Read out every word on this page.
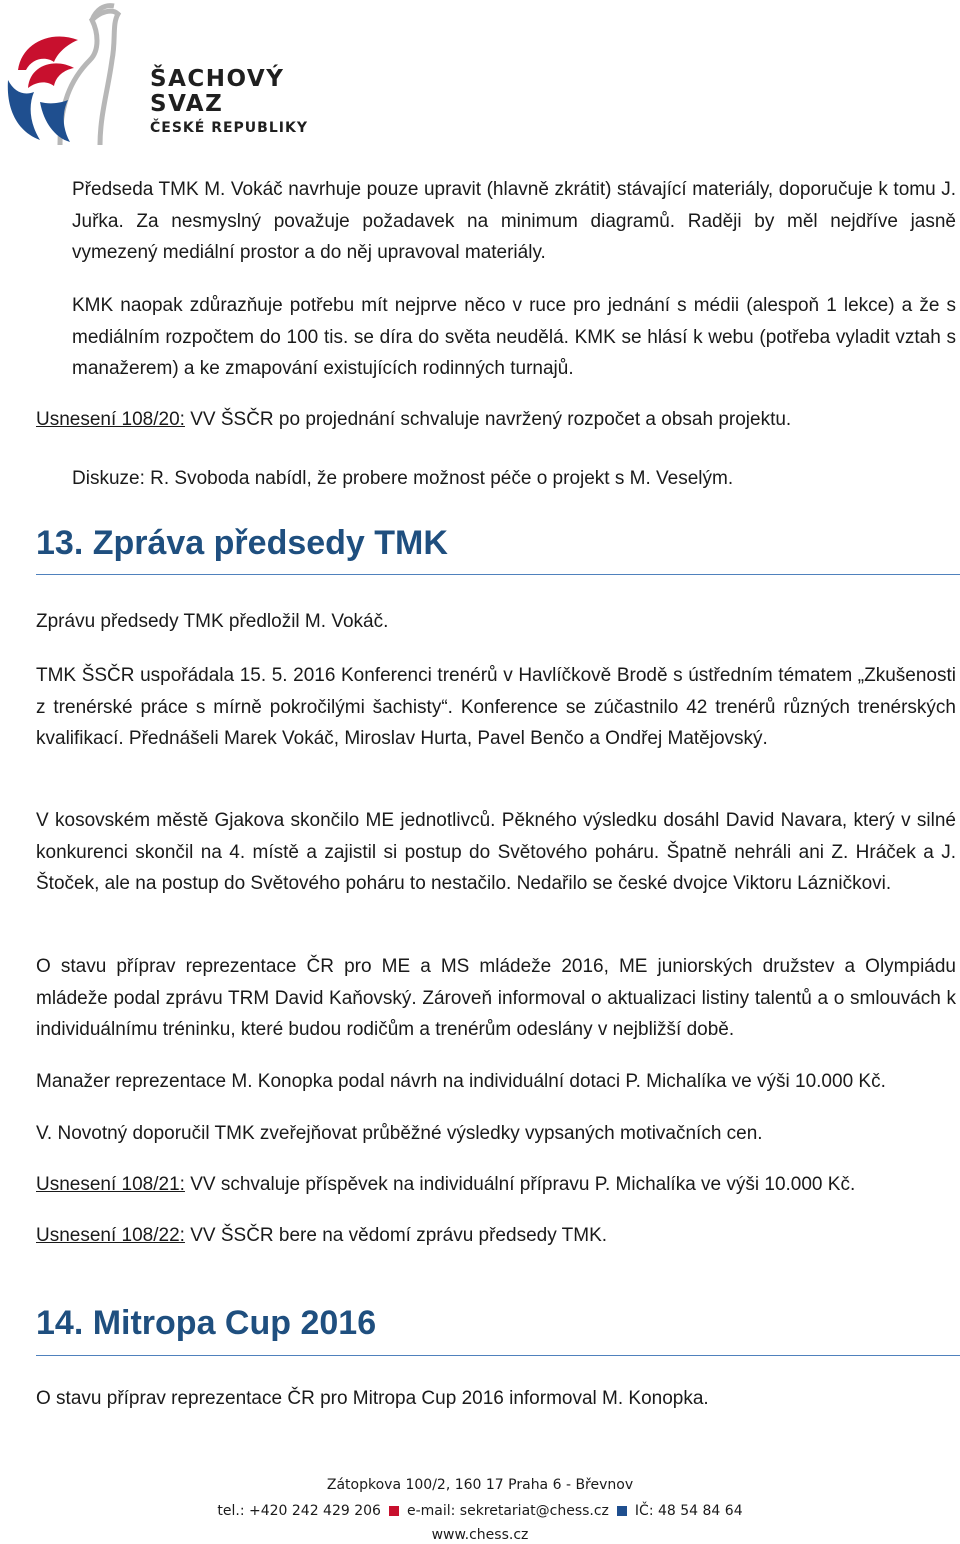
ŠACHOVÝ
SVAZ
ČESKÉ REPUBLIKY

Předseda TMK M. Vokáč navrhuje pouze upravit (hlavně zkrátit) stávající materiály, doporučuje k tomu J. Juřka. Za nesmyslný považuje požadavek na minimum diagramů. Raději by měl nejdříve jasně vymezený mediální prostor a do něj upravoval materiály.

KMK naopak zdůrazňuje potřebu mít nejprve něco v ruce pro jednání s médii (alespoň 1 lekce) a že s mediálním rozpočtem do 100 tis. se díra do světa neudělá. KMK se hlásí k webu (potřeba vyladit vztah s manažerem) a ke zmapování existujících rodinných turnajů.

Usnesení 108/20: VV ŠSČR po projednání schvaluje navržený rozpočet a obsah projektu.

Diskuze: R. Svoboda nabídl, že probere možnost péče o projekt s M. Veselým.

13. Zpráva předsedy TMK

Zprávu předsedy TMK předložil M. Vokáč.

TMK ŠSČR uspořádala 15. 5. 2016 Konferenci trenérů v Havlíčkově Brodě s ústředním tématem „Zkušenosti z trenérské práce s mírně pokročilými šachisty“. Konference se zúčastnilo 42 trenérů různých trenérských kvalifikací. Přednášeli Marek Vokáč, Miroslav Hurta, Pavel Benčo a Ondřej Matějovský.

V kosovském městě Gjakova skončilo ME jednotlivců. Pěkného výsledku dosáhl David Navara, který v silné konkurenci skončil na 4. místě a zajistil si postup do Světového poháru. Špatně nehráli ani Z. Hráček a J. Štoček, ale na postup do Světového poháru to nestačilo. Nedařilo se české dvojce Viktoru Lázničkovi.

O stavu příprav reprezentace ČR pro ME a MS mládeže 2016, ME juniorských družstev a Olympiádu mládeže podal zprávu TRM David Kaňovský. Zároveň informoval o aktualizaci listiny talentů a o smlouvách k individuálnímu tréninku, které budou rodičům a trenérům odeslány v nejbližší době.

Manažer reprezentace M. Konopka podal návrh na individuální dotaci P. Michalíka ve výši 10.000 Kč.

V. Novotný doporučil TMK zveřejňovat průběžné výsledky vypsaných motivačních cen.

Usnesení 108/21: VV schvaluje příspěvek na individuální přípravu P. Michalíka ve výši 10.000 Kč.

Usnesení 108/22: VV ŠSČR bere na vědomí zprávu předsedy TMK.

14. Mitropa Cup 2016

O stavu příprav reprezentace ČR pro Mitropa Cup 2016 informoval M. Konopka.

Zátopkova 100/2, 160 17 Praha 6 - Břevnov
tel.: +420 242 429 206 e-mail: sekretariat@chess.cz IČ: 48 54 84 64
www.chess.cz
